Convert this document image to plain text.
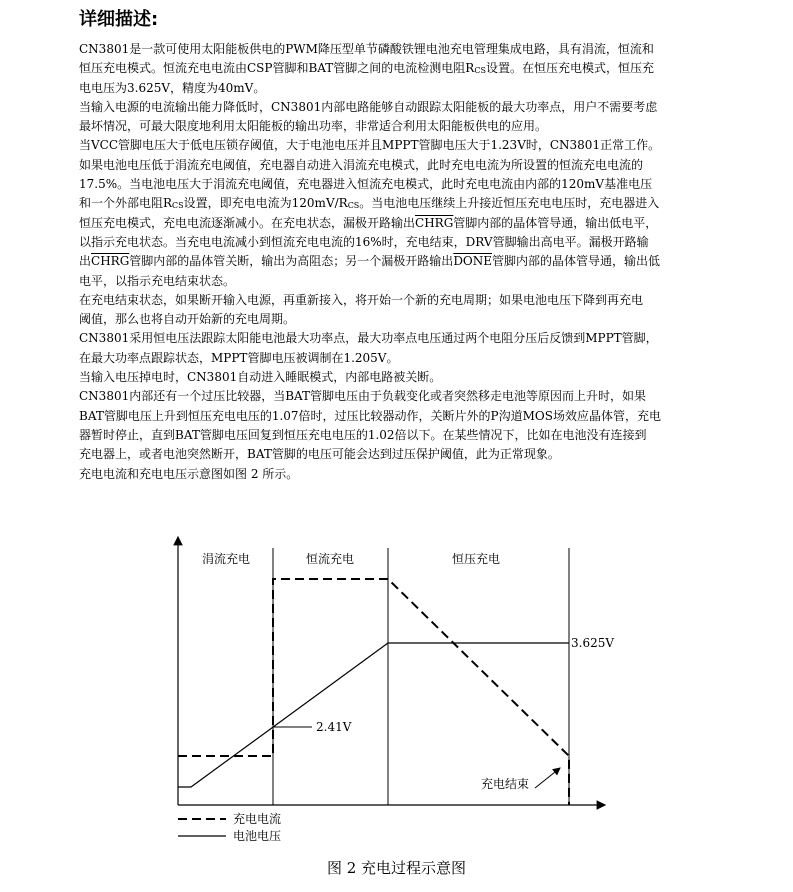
详细描述:
CN3801是一款可使用太阳能板供电的PWM降压型单节磷酸铁锂电池充电管理集成电路，具有涓流，恒流和
恒压充电模式。恒流充电电流由CSP管脚和BAT管脚之间的电流检测电阻$R_{CS}$设置。在恒压充电模式，恒压充
电电压为3.625V，精度为40mV。
当输入电源的电流输出能力降低时，CN3801内部电路能够自动跟踪太阳能板的最大功率点，用户不需要考虑
最坏情况，可最大限度地利用太阳能板的输出功率，非常适合利用太阳能板供电的应用。
当VCC管脚电压大于低电压锁存阈值，大于电池电压并且MPPT管脚电压大于1.23V时，CN3801正常工作。
如果电池电压低于涓流充电阈值，充电器自动进入涓流充电模式，此时充电电流为所设置的恒流充电电流的
17.5%。当电池电压大于涓流充电阈值，充电器进入恒流充电模式，此时充电电流由内部的120mV基准电压
和一个外部电阻$R_{CS}$设置，即充电电流为$120mV/R_{CS}$。当电池电压继续上升接近恒压充电电压时，充电器进入
恒压充电模式，充电电流逐渐减小。在充电状态，漏极开路输出CHRG管脚内部的晶体管导通，输出低电平，
以指示充电状态。当充电电流减小到恒流充电电流的16%时，充电结束，DRV管脚输出高电平。漏极开路输
出CHRG管脚内部的晶体管关断，输出为高阻态；另一个漏极开路输出DONE管脚内部的晶体管导通，输出低
电平，以指示充电结束状态。
在充电结束状态，如果断开输入电源，再重新接入，将开始一个新的充电周期；如果电池电压下降到再充电
阈值，那么也将自动开始新的充电周期。
CN3801采用恒电压法跟踪太阳能电池最大功率点，最大功率点电压通过两个电阻分压后反馈到MPPT管脚，
在最大功率点跟踪状态，MPPT管脚电压被调制在1.205V。
当输入电压掉电时，CN3801自动进入睡眠模式，内部电路被关断。
CN3801内部还有一个过压比较器，当BAT管脚电压由于负载变化或者突然移走电池等原因而上升时，如果
BAT管脚电压上升到恒压充电电压的1.07倍时，过压比较器动作，关断片外的P沟道MOS场效应晶体管，充电
器暂时停止，直到BAT管脚电压回复到恒压充电电压的1.02倍以下。在某些情况下，比如在电池没有连接到
充电器上，或者电池突然断开，BAT管脚的电压可能会达到过压保护阈值，此为正常现象。
充电电流和充电电压示意图如图 2 所示。
涓流充电	恒流充电	恒压充电
2.41V
3.625V
充电结束
充电电流
电池电压
图 2 充电过程示意图
